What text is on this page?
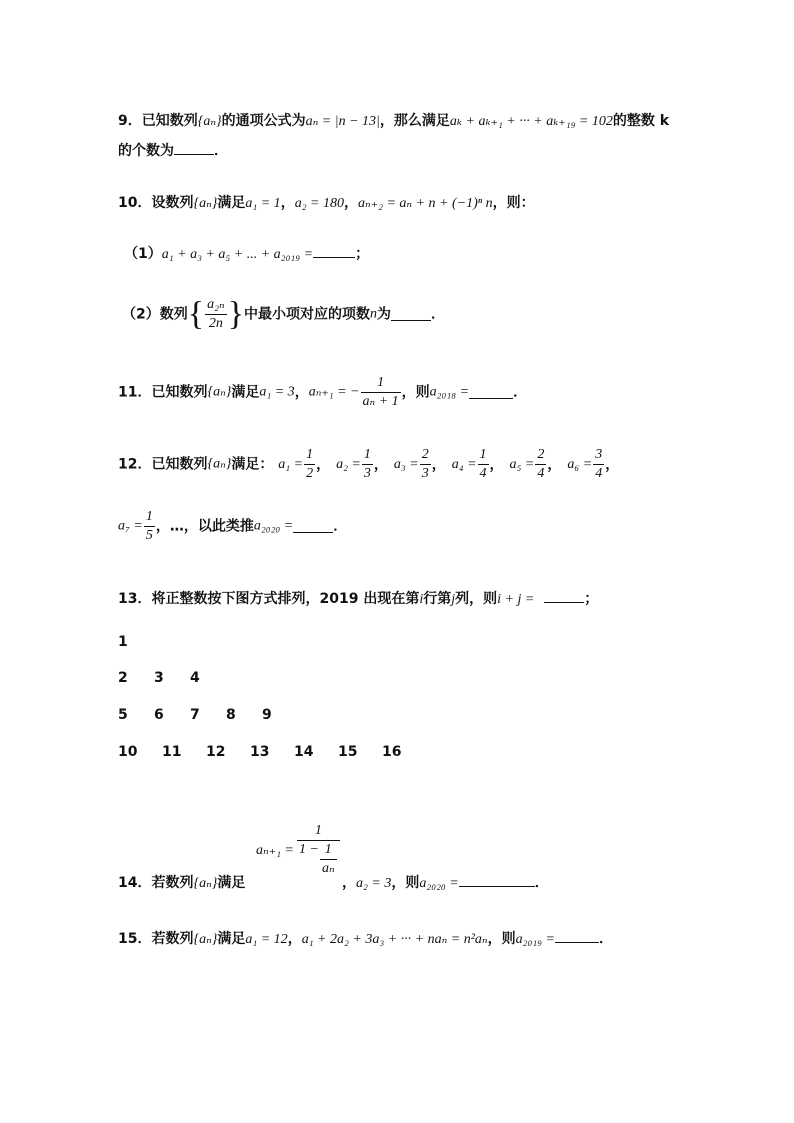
9．已知数列{aₙ}的通项公式为aₙ = |n − 13|，那么满足aₖ + aₖ₊₁ + ··· + aₖ₊₁₉ = 102的整数 k
的个数为	．
10．设数列{aₙ}满足a₁ = 1，a₂ = 180，aₙ₊₂ = aₙ + n + (−1)ⁿ n，则：
（1）a₁ + a₃ + a₅ + ... + a₂₀₁₉ =	；
（2）数列{ $\frac{\text{a₂ₙ}}{2n}$ }中最小项对应的项数n为	．
11．已知数列{aₙ}满足a₁ = 3，aₙ₊₁ = − $\frac{1}{\text{aₙ + 1}}$ ，则a₂₀₁₈ =	．
12．已知数列{aₙ}满足： $a_1 = \frac{1}{2}$ ， $a_2 = \frac{1}{3}$ ， $a_3 = \frac{2}{3}$ ， $a_4 = \frac{1}{4}$ ， $a_5 = \frac{2}{4}$ ， $a_6 = \frac{3}{4}$ ，
$a_7 = \frac{1}{5}$ ，…，以此类推a₂₀₂₀ =	．
13．将正整数按下图方式排列，2019 出现在第i行第j列，则i + j =	；
1
2 3 4
5 6 7 8 9
10 11 12 13 14 15 16
14．若数列{aₙ}满足
$a_{n+1} = \frac{1}{1 - \frac{1}{\text{aₙ}}}$
，a₂ = 3，则a₂₀₂₀ =	．
15．若数列{aₙ}满足a₁ = 12，a₁ + 2a₂ + 3a₃ + ··· + naₙ = n²aₙ，则a₂₀₁₉ =	．
